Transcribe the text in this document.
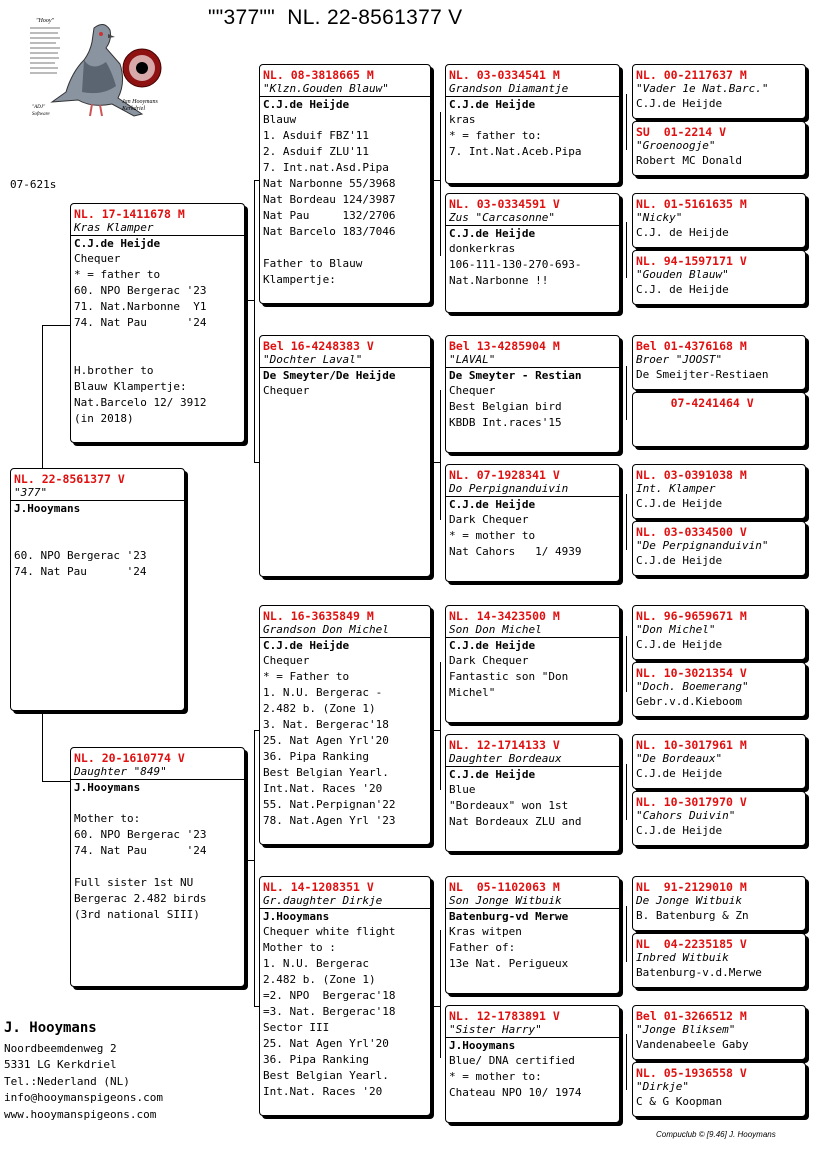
""377""  NL. 22-8561377 V
"Hooy"
Jan Hooymans Kerkdriel
"ADJ" Software
07-621s
NL. 22-8561377 V
"377"
J.Hooymans

60. NPO Bergerac '23
74. Nat Pau      '24
NL. 17-1411678 M
Kras Klamper
C.J.de Heijde
Chequer
* = father to
60. NPO Bergerac '23
71. Nat.Narbonne  Y1
74. Nat Pau      '24

H.brother to
Blauw Klampertje:
Nat.Barcelo 12/ 3912
(in 2018)
NL. 20-1610774 V
Daughter "849"
J.Hooymans

Mother to:
60. NPO Bergerac '23
74. Nat Pau      '24

Full sister 1st NU
Bergerac 2.482 birds
(3rd national SIII)
NL. 08-3818665 M
"Klzn.Gouden Blauw"
C.J.de Heijde
Blauw
1. Asduif FBZ'11
2. Asduif ZLU'11
7. Int.nat.Asd.Pipa
Nat Narbonne 55/3968
Nat Bordeau 124/3987
Nat Pau     132/2706
Nat Barcelo 183/7046

Father to Blauw
Klampertje:
Bel 16-4248383 V
"Dochter Laval"
De Smeyter/De Heijde
Chequer
NL. 16-3635849 M
Grandson Don Michel
C.J.de Heijde
Chequer
* = Father to
1. N.U. Bergerac -
2.482 b. (Zone 1)
3. Nat. Bergerac'18
25. Nat Agen Yrl'20
36. Pipa Ranking
Best Belgian Yearl.
Int.Nat. Races '20
55. Nat.Perpignan'22
78. Nat.Agen Yrl '23
NL. 14-1208351 V
Gr.daughter Dirkje
J.Hooymans
Chequer white flight
Mother to :
1. N.U. Bergerac
2.482 b. (Zone 1)
=2. NPO  Bergerac'18
=3. Nat. Bergerac'18
Sector III
25. Nat Agen Yrl'20
36. Pipa Ranking
Best Belgian Yearl.
Int.Nat. Races '20
NL. 03-0334541 M
Grandson Diamantje
C.J.de Heijde
kras
* = father to:
7. Int.Nat.Aceb.Pipa
NL. 03-0334591 V
Zus "Carcasonne"
C.J.de Heijde
donkerkras
106-111-130-270-693-
Nat.Narbonne !!
Bel 13-4285904 M
"LAVAL"
De Smeyter - Restian
Chequer
Best Belgian bird
KBDB Int.races'15
NL. 07-1928341 V
Do Perpignanduivin
C.J.de Heijde
Dark Chequer
* = mother to
Nat Cahors   1/ 4939
NL. 14-3423500 M
Son Don Michel
C.J.de Heijde
Dark Chequer
Fantastic son "Don
Michel"
NL. 12-1714133 V
Daughter Bordeaux
C.J.de Heijde
Blue
"Bordeaux" won 1st
Nat Bordeaux ZLU and
NL  05-1102063 M
Son Jonge Witbuik
Batenburg-vd Merwe
Kras witpen
Father of:
13e Nat. Perigueux
NL. 12-1783891 V
"Sister Harry"
J.Hooymans
Blue/ DNA certified
* = mother to:
Chateau NPO 10/ 1974
NL. 00-2117637 M
"Vader 1e Nat.Barc."
C.J.de Heijde
SU  01-2214 V
"Groenoogje"
Robert MC Donald
NL. 01-5161635 M
"Nicky"
C.J. de Heijde
NL. 94-1597171 V
"Gouden Blauw"
C.J. de Heijde
Bel 01-4376168 M
Broer "JOOST"
De Smeijter-Restiaen
07-4241464 V
NL. 03-0391038 M
Int. Klamper
C.J.de Heijde
NL. 03-0334500 V
"De Perpignanduivin"
C.J.de Heijde
NL. 96-9659671 M
"Don Michel"
C.J.de Heijde
NL. 10-3021354 V
"Doch. Boemerang"
Gebr.v.d.Kieboom
NL. 10-3017961 M
"De Bordeaux"
C.J.de Heijde
NL. 10-3017970 V
"Cahors Duivin"
C.J.de Heijde
NL  91-2129010 M
De Jonge Witbuik
B. Batenburg & Zn
NL  04-2235185 V
Inbred Witbuik
Batenburg-v.d.Merwe
Bel 01-3266512 M
"Jonge Bliksem"
Vandenabeele Gaby
NL. 05-1936558 V
"Dirkje"
C & G Koopman
J. Hooymans
Noordbeemdenweg 2
5331 LG Kerkdriel
Tel.:Nederland (NL)
info@hooymanspigeons.com
www.hooymanspigeons.com
Compuclub © [9.46] J. Hooymans
